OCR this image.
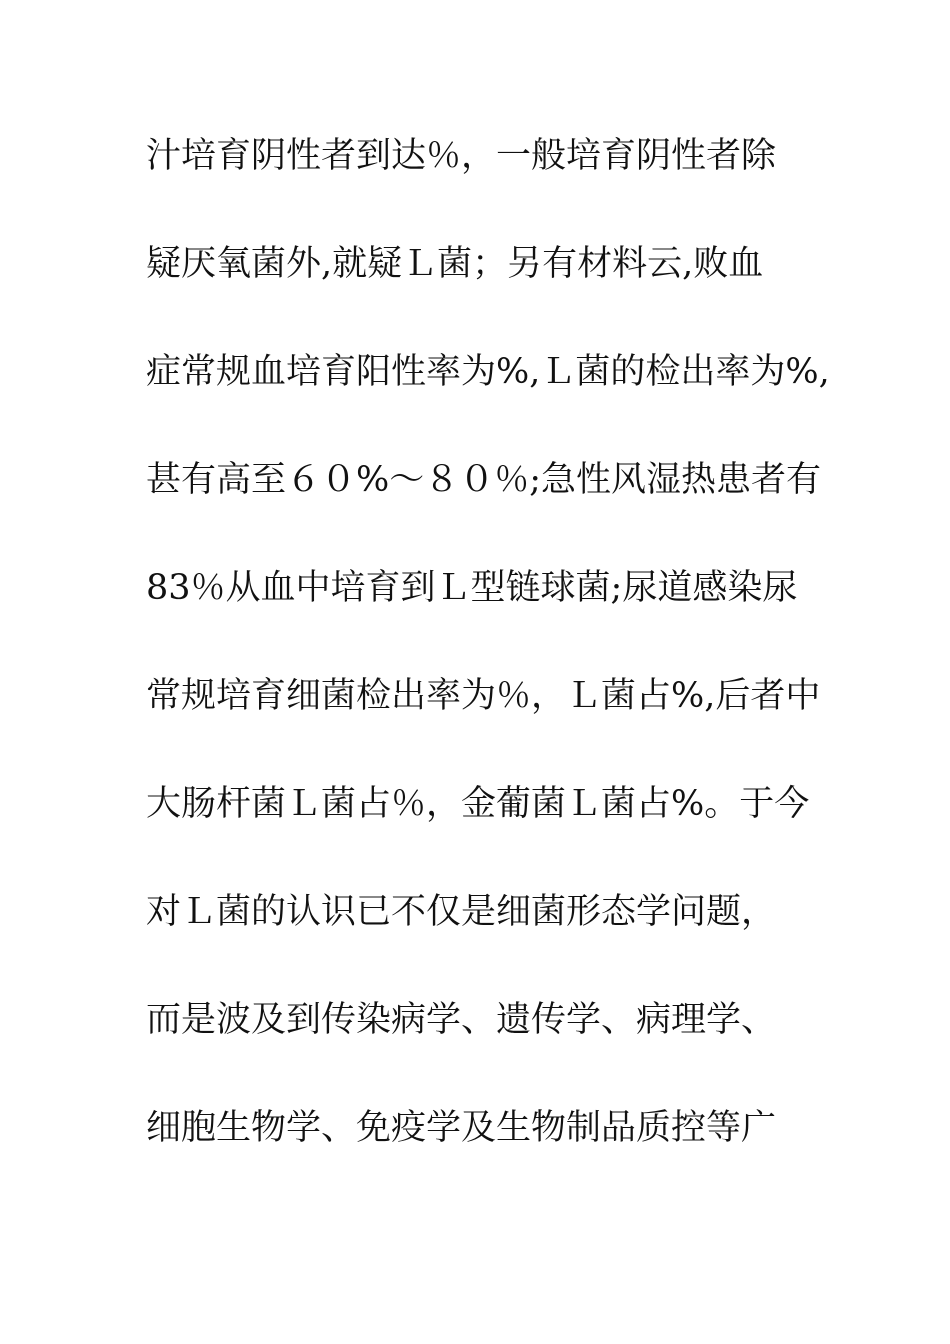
汁培育阴性者到达％，一般培育阴性者除
疑厌氧菌外,就疑Ｌ菌；另有材料云,败血
症常规血培育阳性率为%,Ｌ菌的检出率为%,
甚有高至６０%～８０％;急性风湿热患者有
83％从血中培育到Ｌ型链球菌;尿道感染尿
常规培育细菌检出率为％，Ｌ菌占%,后者中
大肠杆菌Ｌ菌占％，金葡菌Ｌ菌占%。于今
对Ｌ菌的认识已不仅是细菌形态学问题，
而是波及到传染病学、遗传学、病理学、
细胞生物学、免疫学及生物制品质控等广
